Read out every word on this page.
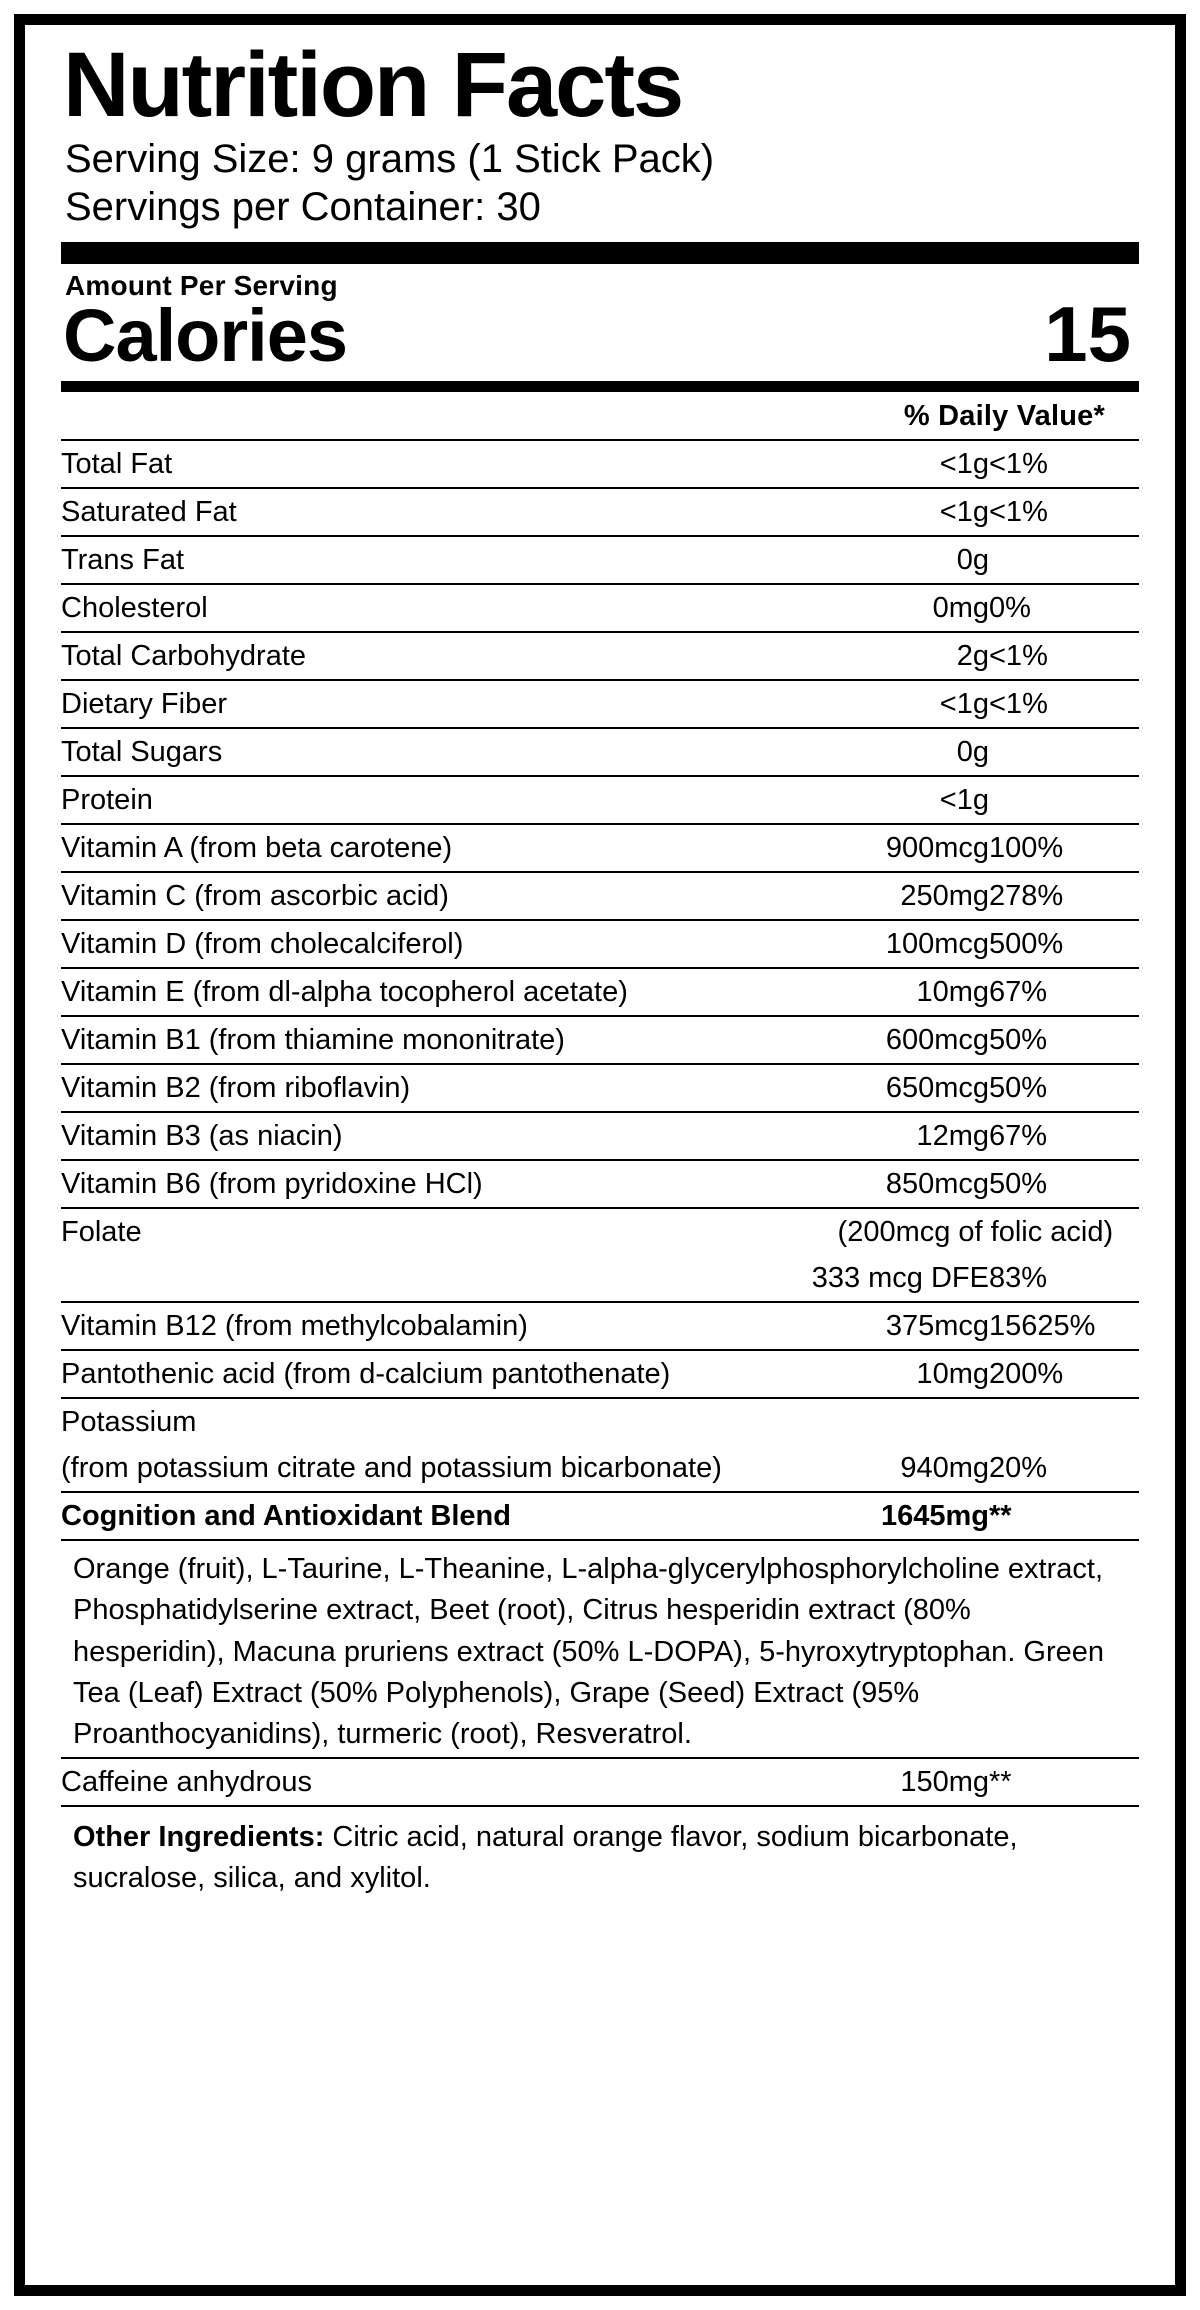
Nutrition Facts
Serving Size: 9 grams (1 Stick Pack)
Servings per Container: 30
Amount Per Serving
Calories	15
% Daily Value*
Total Fat	<1g	<1%
Saturated Fat	<1g	<1%
Trans Fat	0g	
Cholesterol	0mg	0%
Total Carbohydrate	2g	<1%
Dietary Fiber	<1g	<1%
Total Sugars	0g	
Protein	<1g	
Vitamin A (from beta carotene)	900mcg	100%
Vitamin C (from ascorbic acid)	250mg	278%
Vitamin D (from cholecalciferol)	100mcg	500%
Vitamin E (from dl-alpha tocopherol acetate)	10mg	67%
Vitamin B1 (from thiamine mononitrate)	600mcg	50%
Vitamin B2 (from riboflavin)	650mcg	50%
Vitamin B3 (as niacin)	12mg	67%
Vitamin B6 (from pyridoxine HCl)	850mcg	50%
Folate	(200mcg of folic acid)	
	333 mcg DFE	83%
Vitamin B12 (from methylcobalamin)	375mcg	15625%
Pantothenic acid (from d-calcium pantothenate)	10mg	200%
Potassium		
(from potassium citrate and potassium bicarbonate)	940mg	20%
Cognition and Antioxidant Blend	1645mg	**
Orange (fruit), L-Taurine, L-Theanine, L-alpha-glycerylphosphorylcholine extract, Phosphatidylserine extract, Beet (root), Citrus hesperidin extract (80% hesperidin), Macuna pruriens extract (50% L-DOPA), 5-hyroxytryptophan. Green Tea (Leaf) Extract (50% Polyphenols), Grape (Seed) Extract (95% Proanthocyanidins), turmeric (root), Resveratrol.
Caffeine anhydrous	150mg	**
Other Ingredients: Citric acid, natural orange flavor, sodium bicarbonate, sucralose, silica, and xylitol.
